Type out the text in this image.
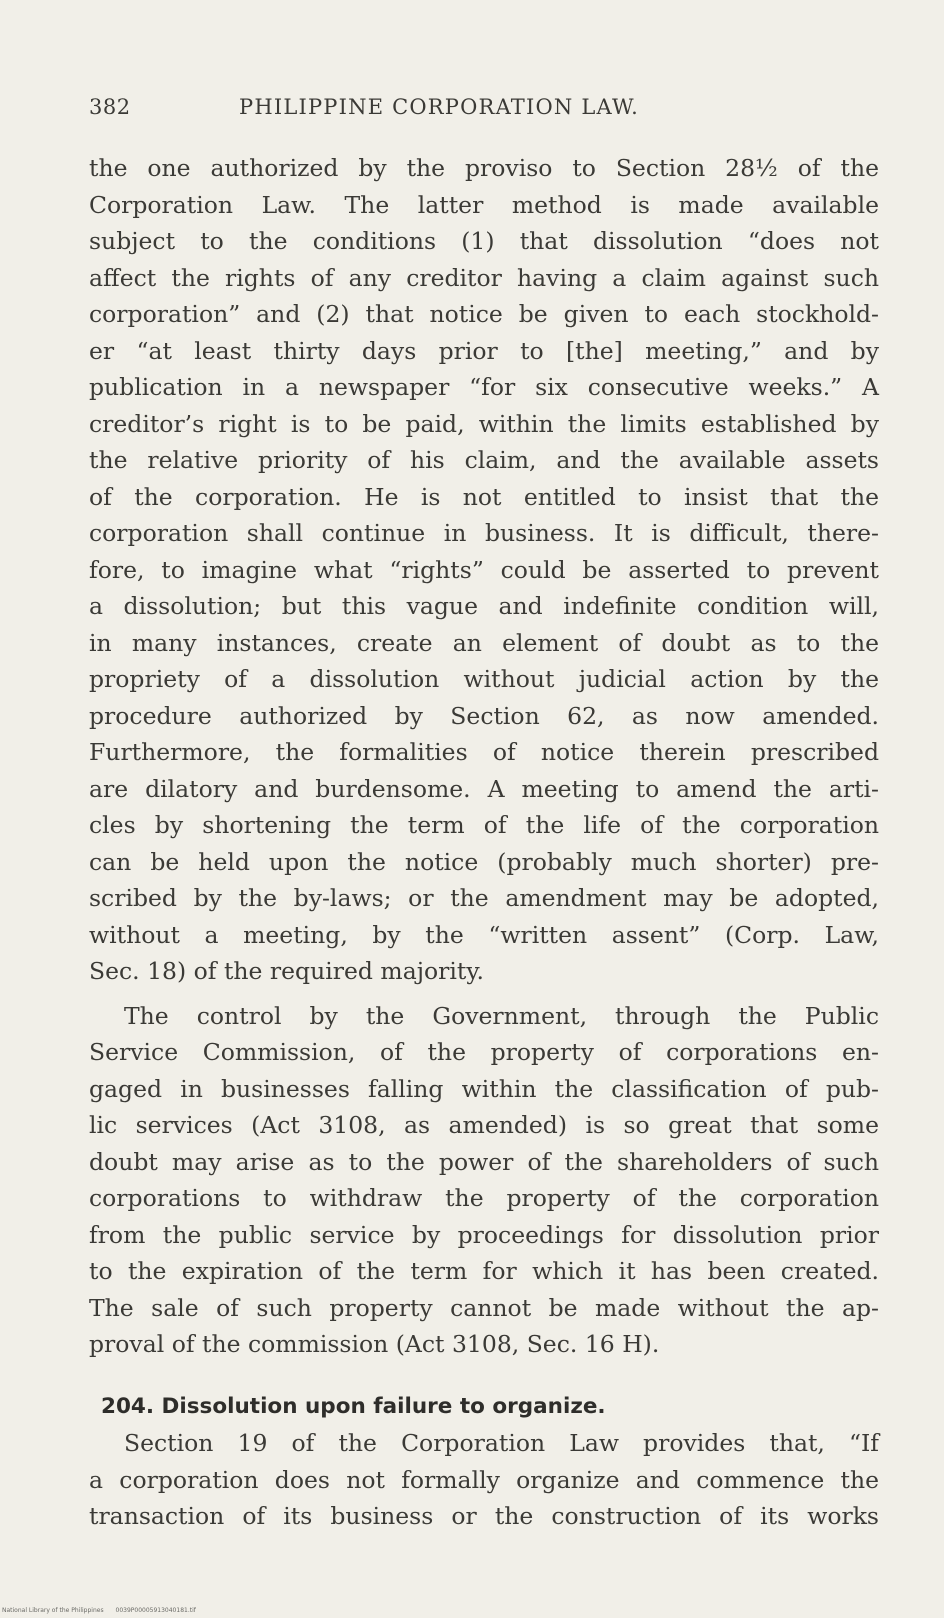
382	PHILIPPINE CORPORATION LAW.
the one authorized by the proviso to Section 28½ of the
Corporation Law. The latter method is made available
subject to the conditions (1) that dissolution “does not
affect the rights of any creditor having a claim against such
corporation” and (2) that notice be given to each stockhold-
er “at least thirty days prior to [the] meeting,” and by
publication in a newspaper “for six consecutive weeks.” A
creditor’s right is to be paid, within the limits established by
the relative priority of his claim, and the available assets
of the corporation. He is not entitled to insist that the
corporation shall continue in business. It is difficult, there-
fore, to imagine what “rights” could be asserted to prevent
a dissolution; but this vague and indefinite condition will,
in many instances, create an element of doubt as to the
propriety of a dissolution without judicial action by the
procedure authorized by Section 62, as now amended.
Furthermore, the formalities of notice therein prescribed
are dilatory and burdensome. A meeting to amend the arti-
cles by shortening the term of the life of the corporation
can be held upon the notice (probably much shorter) pre-
scribed by the by-laws; or the amendment may be adopted,
without a meeting, by the “written assent” (Corp. Law,
Sec. 18) of the required majority.
The control by the Government, through the Public
Service Commission, of the property of corporations en-
gaged in businesses falling within the classification of pub-
lic services (Act 3108, as amended) is so great that some
doubt may arise as to the power of the shareholders of such
corporations to withdraw the property of the corporation
from the public service by proceedings for dissolution prior
to the expiration of the term for which it has been created.
The sale of such property cannot be made without the ap-
proval of the commission (Act 3108, Sec. 16 H).
204. Dissolution upon failure to organize.
Section 19 of the Corporation Law provides that, “If
a corporation does not formally organize and commence the
transaction of its business or the construction of its works
National Library of the Philippines 0039P00005913040181.tif
